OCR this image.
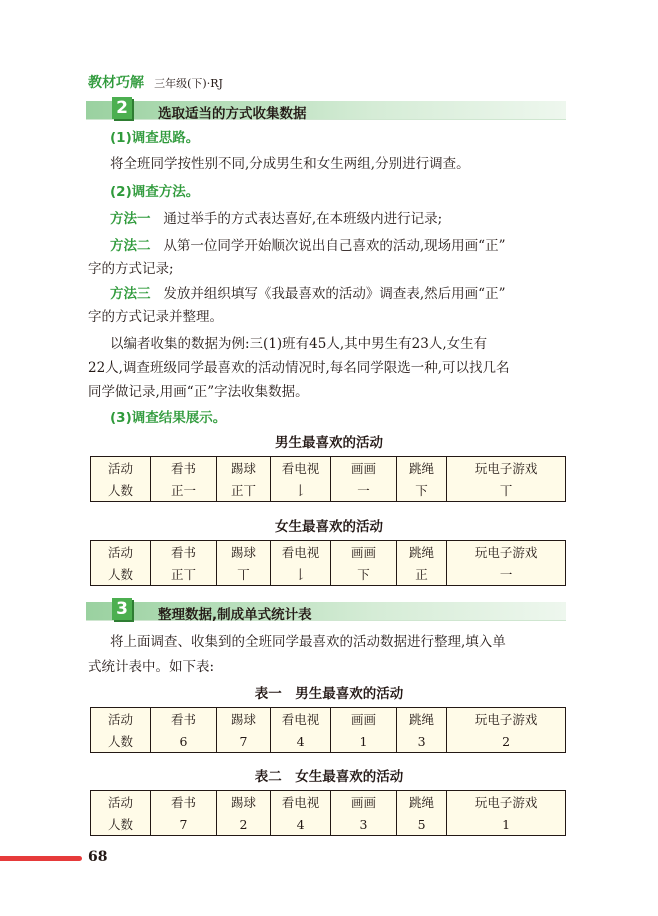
教材巧解 三年级(下)·RJ
2	选取适当的方式收集数据
(1)调查思路。
将全班同学按性别不同,分成男生和女生两组,分别进行调查。
(2)调查方法。
方法一 通过举手的方式表达喜好,在本班级内进行记录;
方法二 从第一位同学开始顺次说出自己喜欢的活动,现场用画“正”
字的方式记录;
方法三 发放并组织填写《我最喜欢的活动》调查表,然后用画“正”
字的方式记录并整理。
以编者收集的数据为例:三(1)班有45人,其中男生有23人,女生有
22人,调查班级同学最喜欢的活动情况时,每名同学限选一种,可以找几名
同学做记录,用画“正”字法收集数据。
(3)调查结果展示。
男生最喜欢的活动
活动	看书	踢球	看电视	画画	跳绳	玩电子游戏
人数	正一	正丅	𠄌	一	下	丅
女生最喜欢的活动
活动	看书	踢球	看电视	画画	跳绳	玩电子游戏
人数	正丅	丅	𠄌	下	正	一
3	整理数据,制成单式统计表
将上面调查、收集到的全班同学最喜欢的活动数据进行整理,填入单
式统计表中。如下表:
表一　男生最喜欢的活动
活动	看书	踢球	看电视	画画	跳绳	玩电子游戏
人数	6	7	4	1	3	2
表二　女生最喜欢的活动
活动	看书	踢球	看电视	画画	跳绳	玩电子游戏
人数	7	2	4	3	5	1
68
